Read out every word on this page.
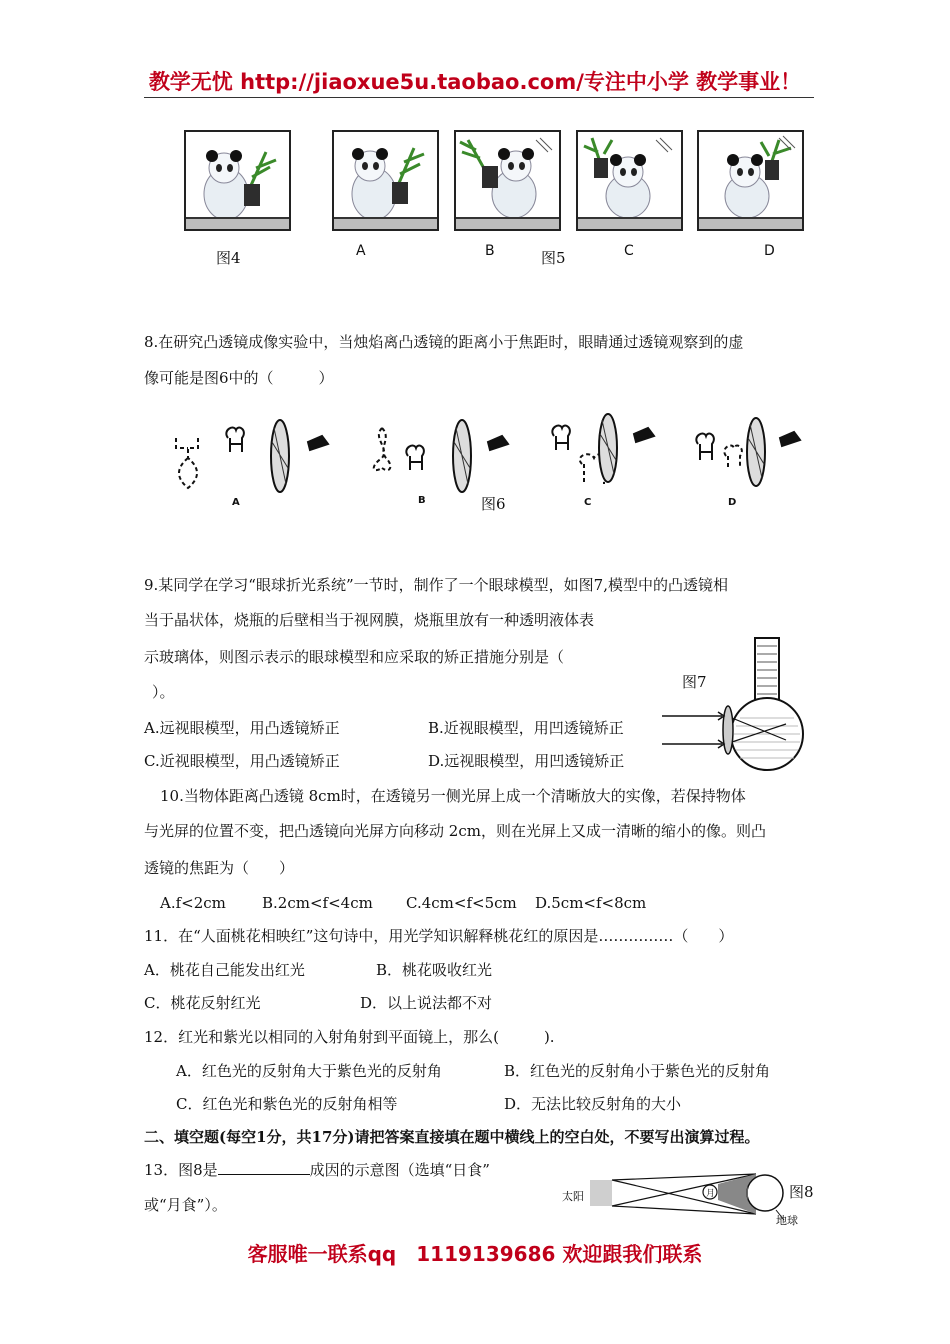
教学无忧 http://jiaoxue5u.taobao.com/专注中小学 教学事业！
图4	A	B	图5	C	D
8.在研究凸透镜成像实验中，当烛焰离凸透镜的距离小于焦距时，眼睛通过透镜观察到的虚
像可能是图6中的（　　　）
A	B	图6	C	D
9.某同学在学习“眼球折光系统”一节时，制作了一个眼球模型，如图7,模型中的凸透镜相
当于晶状体，烧瓶的后壁相当于视网膜，烧瓶里放有一种透明液体表
示玻璃体，则图示表示的眼球模型和应采取的矫正措施分别是（
）。
A.远视眼模型，用凸透镜矫正	B.近视眼模型，用凹透镜矫正
C.近视眼模型，用凸透镜矫正	D.远视眼模型，用凹透镜矫正
图7
10.当物体距离凸透镜 8cm时，在透镜另一侧光屏上成一个清晰放大的实像，若保持物体
与光屏的位置不变，把凸透镜向光屏方向移动 2cm，则在光屏上又成一清晰的缩小的像。则凸
透镜的焦距为（　　）
A.f<2cm B.2cm<f<4cm C.4cm<f<5cm D.5cm<f<8cm
11．在“人面桃花相映红”这句诗中，用光学知识解释桃花红的原因是……………（　　）
A．桃花自己能发出红光	B．桃花吸收红光
C．桃花反射红光	D．以上说法都不对
12．红光和紫光以相同的入射角射到平面镜上，那么(　　　).
A．红色光的反射角大于紫色光的反射角	B．红色光的反射角小于紫色光的反射角
C．红色光和紫色光的反射角相等	D．无法比较反射角的大小
二、填空题(每空1分，共17分)请把答案直接填在题中横线上的空白处，不要写出演算过程。
13．图8是	成因的示意图（选填“日食”
或“月食”）。	太阳	月
地球
图8
客服唯一联系qq　1119139686 欢迎跟我们联系
